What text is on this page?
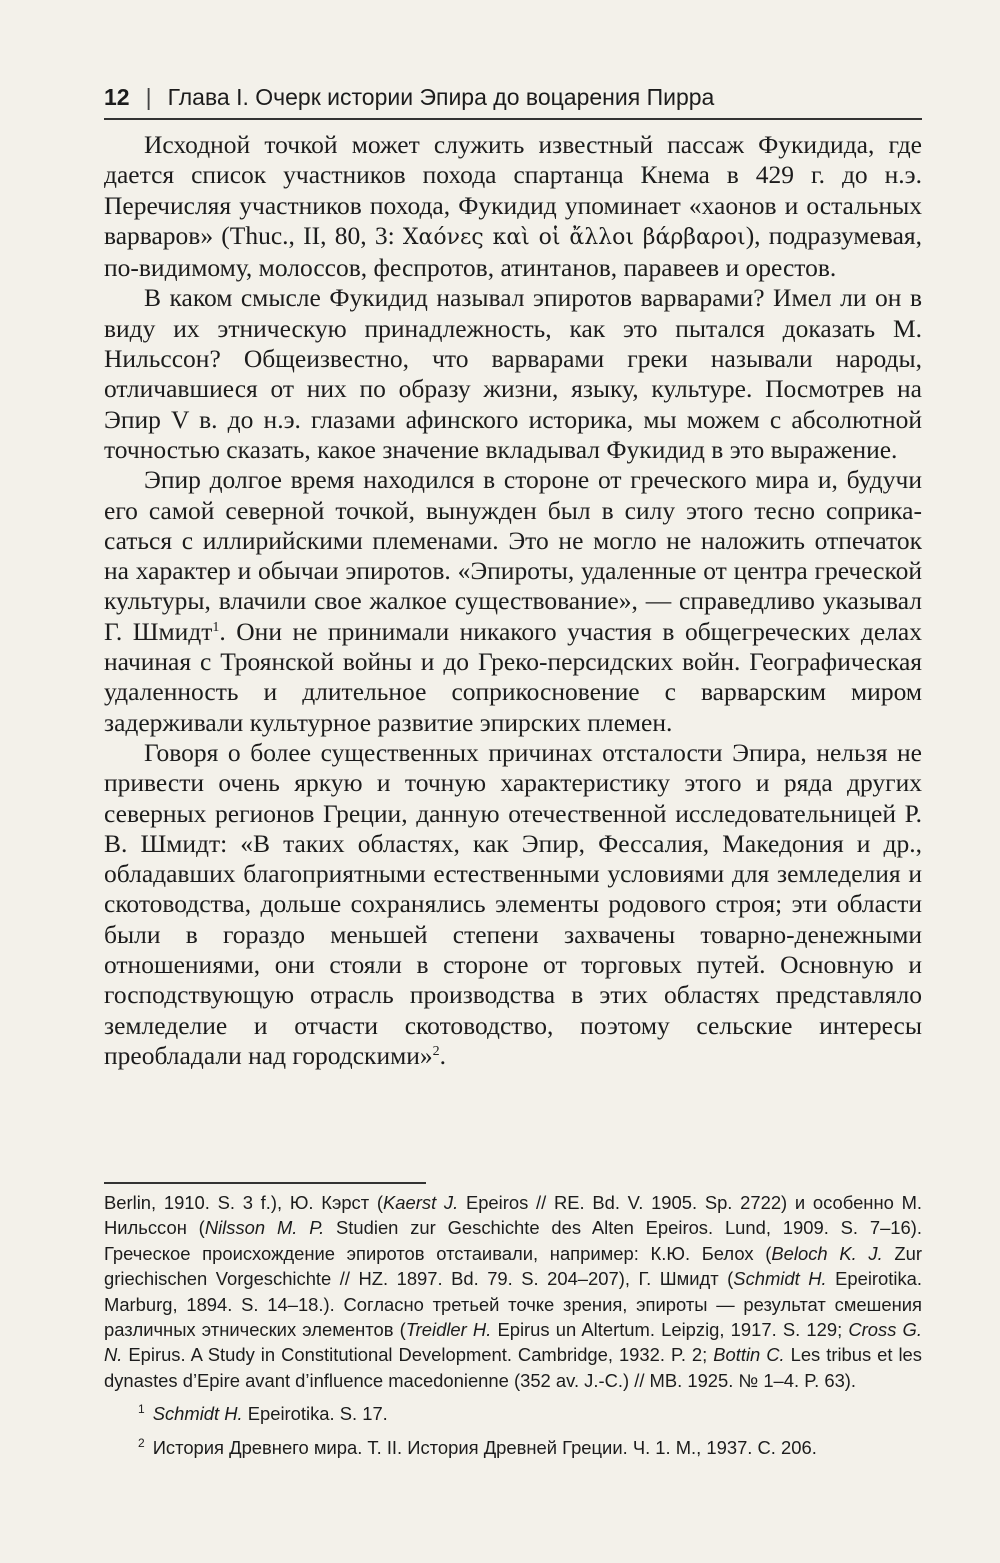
12 | Глава I. Очерк истории Эпира до воцарения Пирра

Исходной точкой может служить известный пассаж Фукидида, где дается список участников похода спартанца Кнема в 429 г. до н.э. Перечисляя участников похода, Фукидид упоминает «хаонов и остальных варваров» (Thuc., II, 80, 3: Χαόνες καὶ οἱ ἄλλοι βάρβαροι), подразумевая, по-видимому, молоссов, феспротов, атинтанов, паравеев и орестов.

В каком смысле Фукидид называл эпиротов варварами? Имел ли он в виду их этническую принадлежность, как это пытался доказать М. Нильссон? Общеизвестно, что варварами греки называли народы, отличавшиеся от них по образу жизни, языку, культуре. Посмотрев на Эпир V в. до н.э. глазами афинского историка, мы можем с абсолютной точностью сказать, какое значение вкладывал Фукидид в это выражение.

Эпир долгое время находился в стороне от греческого мира и, будучи его самой северной точкой, вынужден был в силу этого тесно соприкасаться с иллирийскими племенами. Это не могло не наложить отпечаток на характер и обычаи эпиротов. «Эпироты, удаленные от центра греческой культуры, влачили свое жалкое существование», — справедливо указывал Г. Шмидт$^1$. Они не принимали никакого участия в общегреческих делах начиная с Троянской войны и до Греко-персидских войн. Географическая удаленность и длительное соприкосновение с варварским миром задерживали культурное развитие эпирских племен.

Говоря о более существенных причинах отсталости Эпира, нельзя не привести очень яркую и точную характеристику этого и ряда других северных регионов Греции, данную отечественной исследовательницей Р. В. Шмидт: «В таких областях, как Эпир, Фессалия, Македония и др., обладавших благоприятными естественными условиями для земледелия и скотоводства, дольше сохранялись элементы родового строя; эти области были в гораздо меньшей степени захвачены товарно-денежными отношениями, они стояли в стороне от торговых путей. Основную и господствующую отрасль производства в этих областях представляло земледелие и отчасти скотоводство, поэтому сельские интересы преобладали над городскими»$^2$.

Berlin, 1910. S. 3 f.), Ю. Кэрст (Kaerst J. Epeiros // RE. Bd. V. 1905. Sp. 2722) и особенно М. Нильссон (Nilsson M. P. Studien zur Geschichte des Alten Epeiros. Lund, 1909. S. 7–16). Греческое происхождение эпиротов отстаивали, например: К.Ю. Белох (Beloch K. J. Zur griechischen Vorgeschichte // HZ. 1897. Bd. 79. S. 204–207), Г. Шмидт (Schmidt H. Epeirotika. Marburg, 1894. S. 14–18.). Согласно третьей точке зрения, эпироты — результат смешения различных этнических элементов (Treidler H. Epirus un Altertum. Leipzig, 1917. S. 129; Cross G. N. Epirus. A Study in Constitutional Development. Cambridge, 1932. P. 2; Bottin C. Les tribus et les dynastes d’Epire avant d’influence macedonienne (352 av. J.-C.) // MB. 1925. № 1–4. P. 63).

$^1$ Schmidt H. Epeirotika. S. 17.

$^2$ История Древнего мира. Т. II. История Древней Греции. Ч. 1. М., 1937. С. 206.
